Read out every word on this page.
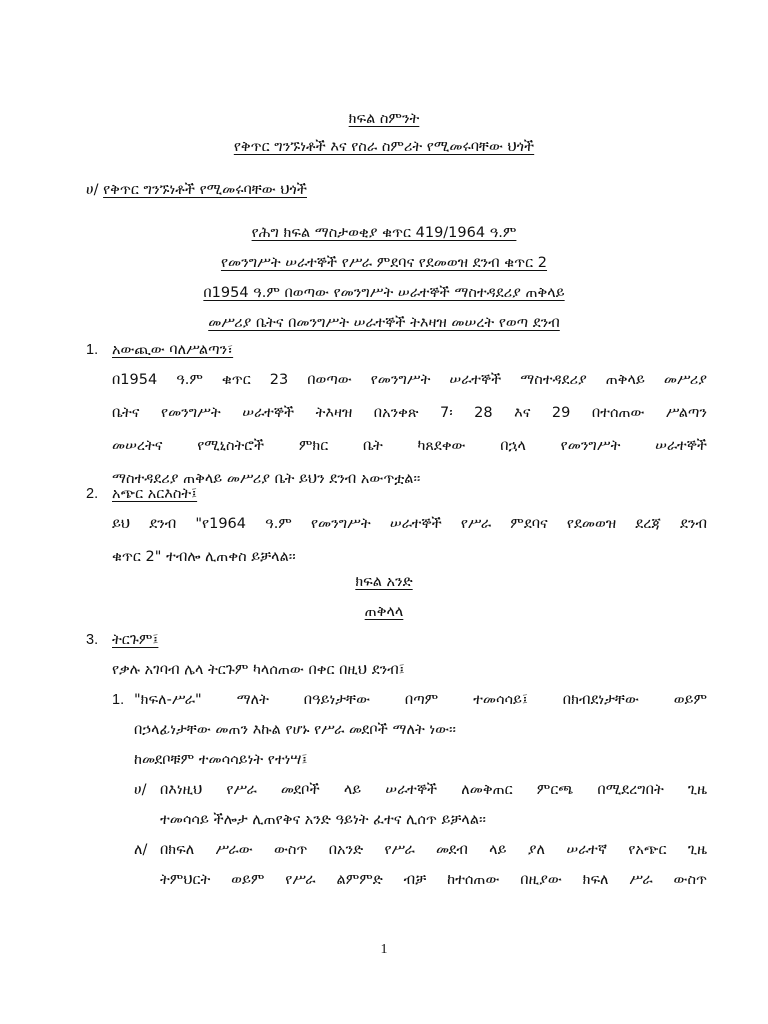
ክፍል ስምንት
የቅጥር ግንኙነቶች እና የስራ ስምሪት የሚመሩባቸው ህጎች
ሀ/ የቅጥር ግንኙነቶች የሚመሩባቸው ህጎች
የሕግ ክፍል ማስታወቂያ ቁጥር 419/1964 ዓ.ም
የመንግሥት ሠራተኞች የሥራ ምደባና የደመወዝ ደንብ ቁጥር 2
በ1954 ዓ.ም በወጣው የመንግሥት ሠራተኞች ማስተዳደሪያ ጠቅላይ
መሥሪያ ቤትና በመንግሥት ሠራተኞች ትእዛዝ መሠረት የወጣ ደንብ
1. አውጪው ባለሥልጣን፣
በ1954 ዓ.ም ቁጥር 23 በወጣው የመንግሥት ሠራተኞች ማስተዳደሪያ ጠቅላይ መሥሪያ
ቤትና የመንግሥት ሠራተኞች ትእዛዝ በአንቀጽ 7፡ 28 እና 29 በተሰጠው ሥልጣን
መሠረትና የሚኒስትሮች ምክር ቤት ካጸደቀው በኋላ የመንግሥት ሠራተኞች
ማስተዳደሪያ ጠቅላይ መሥሪያ ቤት ይህን ደንብ አውጥቷል፡፡
2. አጭር አርእስት፤
ይህ ደንብ "የ1964 ዓ.ም የመንግሥት ሠራተኞች የሥራ ምደባና የደመወዝ ደረጃ ደንብ
ቁጥር 2" ተብሎ ሊጠቀስ ይቻላል፡፡
ክፍል አንድ
ጠቅላላ
3. ትርጉም፤
የቃሉ አገባብ ሌላ ትርጉም ካላሰጠው በቀር በዚህ ደንብ፤
1. "ክፍለ-ሥራ" ማለት በዓይነታቸው በጣም ተመሳሳይ፤ በክብደነታቸው ወይም
በኃላፊነታቸው መጠን እኩል የሆኑ የሥራ መደቦች ማለት ነው፡፡
ከመደቦቹም ተመሳሳይነት የተነሣ፤
ሀ/ በእነዚህ የሥራ መደቦች ላይ ሠራተኞች ለመቅጠር ምርጫ በሚደረግበት ጊዜ
ተመሳሳይ ችሎታ ሊጠየቅና አንድ ዓይነት ፈተና ሊሰጥ ይቻላል፡፡
ለ/ በክፍለ ሥራው ውስጥ በአንድ የሥራ መደብ ላይ ያለ ሠራተኛ የአጭር ጊዜ
ትምህርት ወይም የሥራ ልምምድ ብቻ ከተሰጠው በዚያው ክፍለ ሥራ ውስጥ
1
